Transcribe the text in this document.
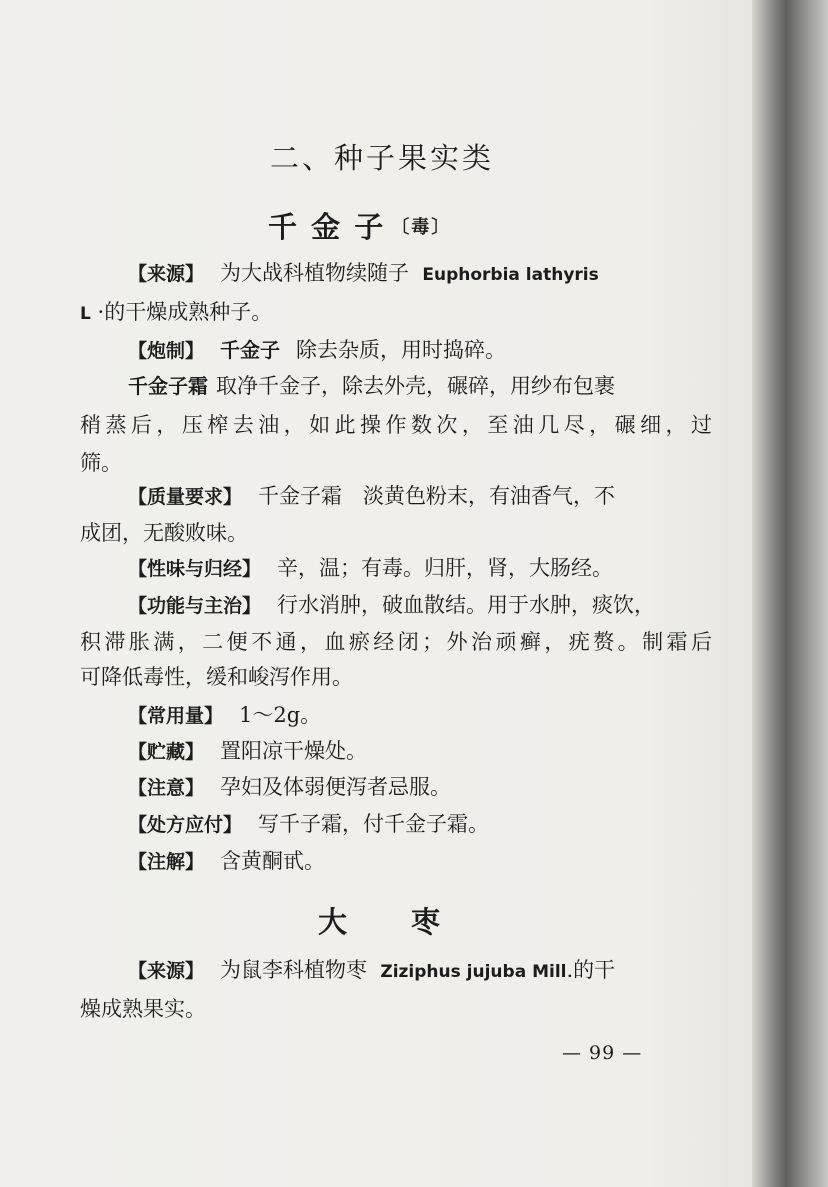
二、种子果实类
千 金 子 〔毒〕
【来源】 为大战科植物续随子 Euphorbia lathyris
L ·的干燥成熟种子。
【炮制】 千金子 除去杂质，用时捣碎。
千金子霜 取净千金子，除去外壳，碾碎，用纱布包裹
稍蒸后，压榨去油，如此操作数次，至油几尽，碾细，过
筛。
【质量要求】 千金子霜　淡黄色粉末，有油香气，不
成团，无酸败味。
【性味与归经】 辛，温；有毒。归肝，肾，大肠经。
【功能与主治】 行水消肿，破血散结。用于水肿，痰饮，
积滞胀满，二便不通，血瘀经闭；外治顽癣，疣赘。制霜后
可降低毒性，缓和峻泻作用。
【常用量】 1～2g。
【贮藏】 置阳凉干燥处。
【注意】 孕妇及体弱便泻者忌服。
【处方应付】 写千子霜，付千金子霜。
【注解】 含黄酮甙。
大　　枣
【来源】 为鼠李科植物枣 Ziziphus jujuba Mill.的干
燥成熟果实。
— 99 —
